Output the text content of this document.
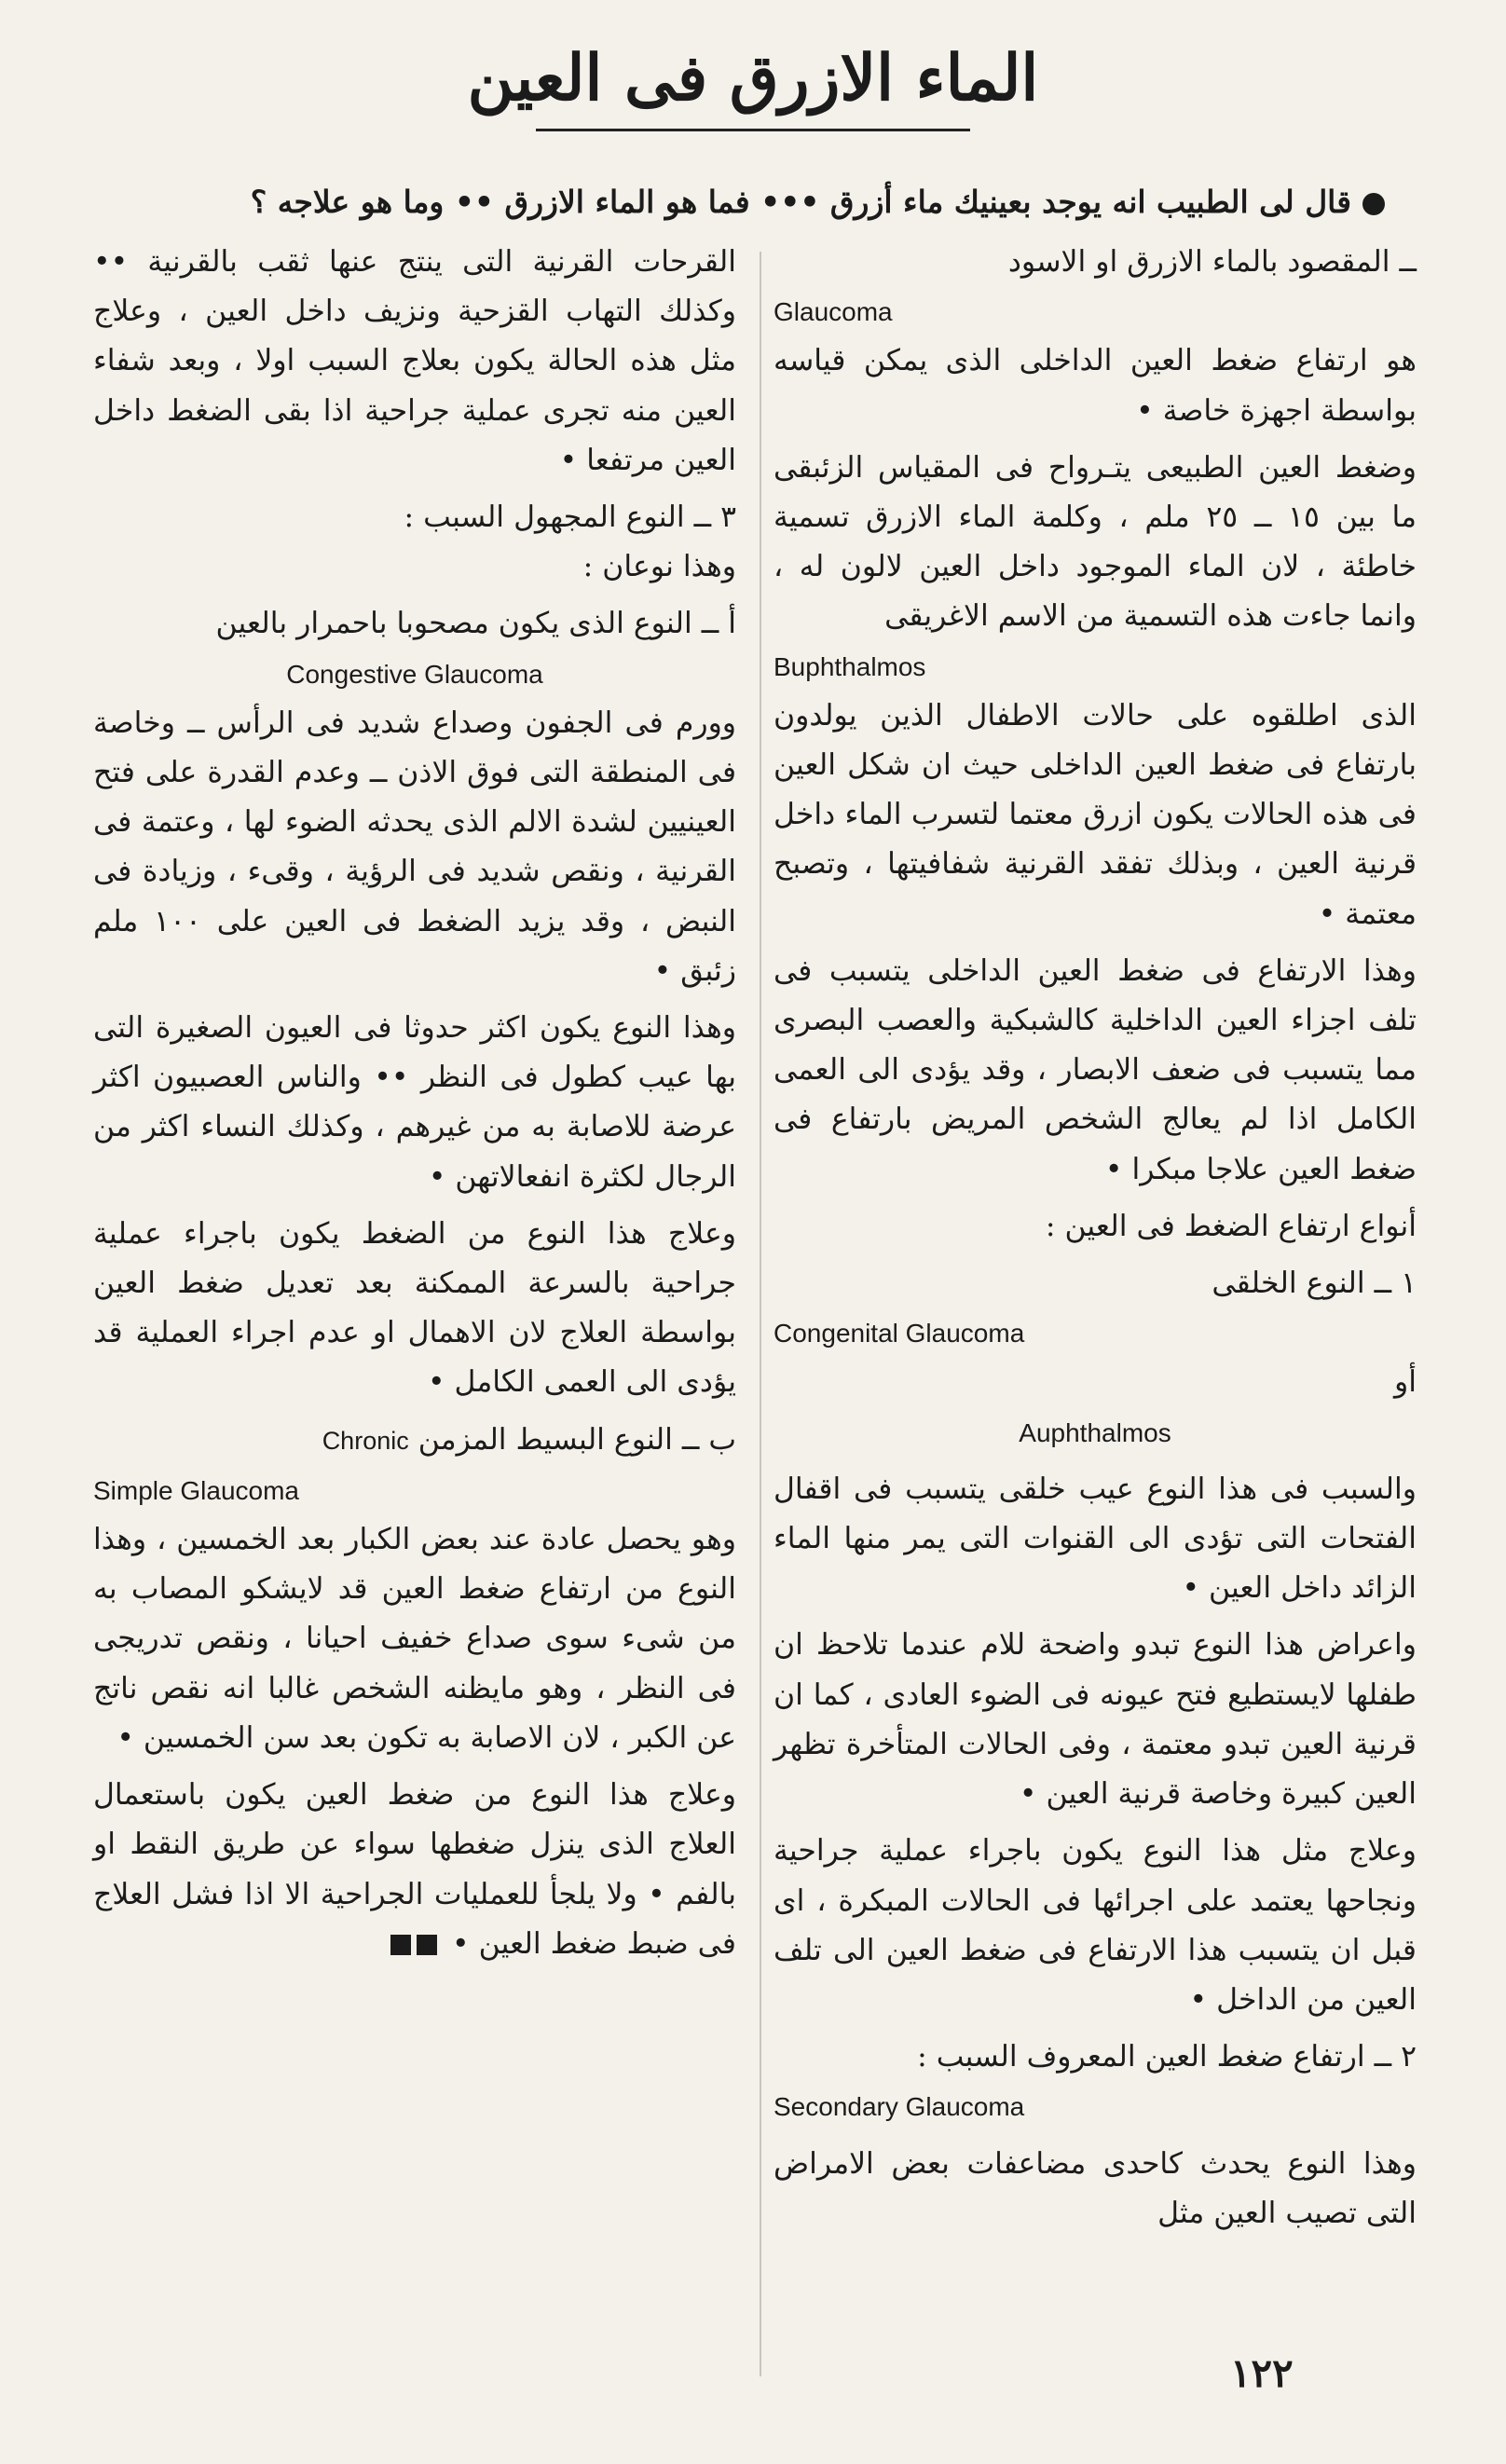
الماء الازرق فى العين
قال لى الطبيب انه يوجد بعينيك ماء أزرق ••• فما هو الماء الازرق •• وما هو علاجه ؟

ــ المقصود بالماء الازرق او الاسود
Glaucoma
هو ارتفاع ضغط العين الداخلى الذى يمكن قياسه بواسطة اجهزة خاصة •

وضغط العين الطبيعى يتـرواح فى المقياس الزئبقى ما بين ١٥ ــ ٢٥ ملم ، وكلمة الماء الازرق تسمية خاطئة ، لان الماء الموجود داخل العين لالون له ، وانما جاءت هذه التسمية من الاسم الاغريقى
Buphthalmos
الذى اطلقوه على حالات الاطفال الذين يولدون بارتفاع فى ضغط العين الداخلى حيث ان شكل العين فى هذه الحالات يكون ازرق معتما لتسرب الماء داخل قرنية العين ، وبذلك تفقد القرنية شفافيتها ، وتصبح معتمة •

وهذا الارتفاع فى ضغط العين الداخلى يتسبب فى تلف اجزاء العين الداخلية كالشبكية والعصب البصرى مما يتسبب فى ضعف الابصار ، وقد يؤدى الى العمى الكامل اذا لم يعالج الشخص المريض بارتفاع فى ضغط العين علاجا مبكرا •

أنواع ارتفاع الضغط فى العين :

١ ــ النوع الخلقى
Congenital Glaucoma
أو
Auphthalmos

والسبب فى هذا النوع عيب خلقى يتسبب فى اقفال الفتحات التى تؤدى الى القنوات التى يمر منها الماء الزائد داخل العين •

واعراض هذا النوع تبدو واضحة للام عندما تلاحظ ان طفلها لايستطيع فتح عيونه فى الضوء العادى ، كما ان قرنية العين تبدو معتمة ، وفى الحالات المتأخرة تظهر العين كبيرة وخاصة قرنية العين •

وعلاج مثل هذا النوع يكون باجراء عملية جراحية ونجاحها يعتمد على اجرائها فى الحالات المبكرة ، اى قبل ان يتسبب هذا الارتفاع فى ضغط العين الى تلف العين من الداخل •

٢ ــ ارتفاع ضغط العين المعروف السبب :
Secondary Glaucoma

وهذا النوع يحدث كاحدى مضاعفات بعض الامراض التى تصيب العين مثل

القرحات القرنية التى ينتج عنها ثقب بالقرنية •• وكذلك التهاب القزحية ونزيف داخل العين ، وعلاج مثل هذه الحالة يكون بعلاج السبب اولا ، وبعد شفاء العين منه تجرى عملية جراحية اذا بقى الضغط داخل العين مرتفعا •

٣ ــ النوع المجهول السبب :

وهذا نوعان :

أ ــ النوع الذى يكون مصحوبا باحمرار بالعين
Congestive Glaucoma
وورم فى الجفون وصداع شديد فى الرأس ــ وخاصة فى المنطقة التى فوق الاذن ــ وعدم القدرة على فتح العينيين لشدة الالم الذى يحدثه الضوء لها ، وعتمة فى القرنية ، ونقص شديد فى الرؤية ، وقىء ، وزيادة فى النبض ، وقد يزيد الضغط فى العين على ١٠٠ ملم زئبق •

وهذا النوع يكون اكثر حدوثا فى العيون الصغيرة التى بها عيب كطول فى النظر •• والناس العصبيون اكثر عرضة للاصابة به من غيرهم ، وكذلك النساء اكثر من الرجال لكثرة انفعالاتهن •

وعلاج هذا النوع من الضغط يكون باجراء عملية جراحية بالسرعة الممكنة بعد تعديل ضغط العين بواسطة العلاج لان الاهمال او عدم اجراء العملية قد يؤدى الى العمى الكامل •

ب ــ النوع البسيط المزمن Chronic
Simple Glaucoma
وهو يحصل عادة عند بعض الكبار بعد الخمسين ، وهذا النوع من ارتفاع ضغط العين قد لايشكو المصاب به من شىء سوى صداع خفيف احيانا ، ونقص تدريجى فى النظر ، وهو مايظنه الشخص غالبا انه نقص ناتج عن الكبر ، لان الاصابة به تكون بعد سن الخمسين •

وعلاج هذا النوع من ضغط العين يكون باستعمال العلاج الذى ينزل ضغطها سواء عن طريق النقط او بالفم • ولا يلجأ للعمليات الجراحية الا اذا فشل العلاج فى ضبط ضغط العين •

١٢٢
